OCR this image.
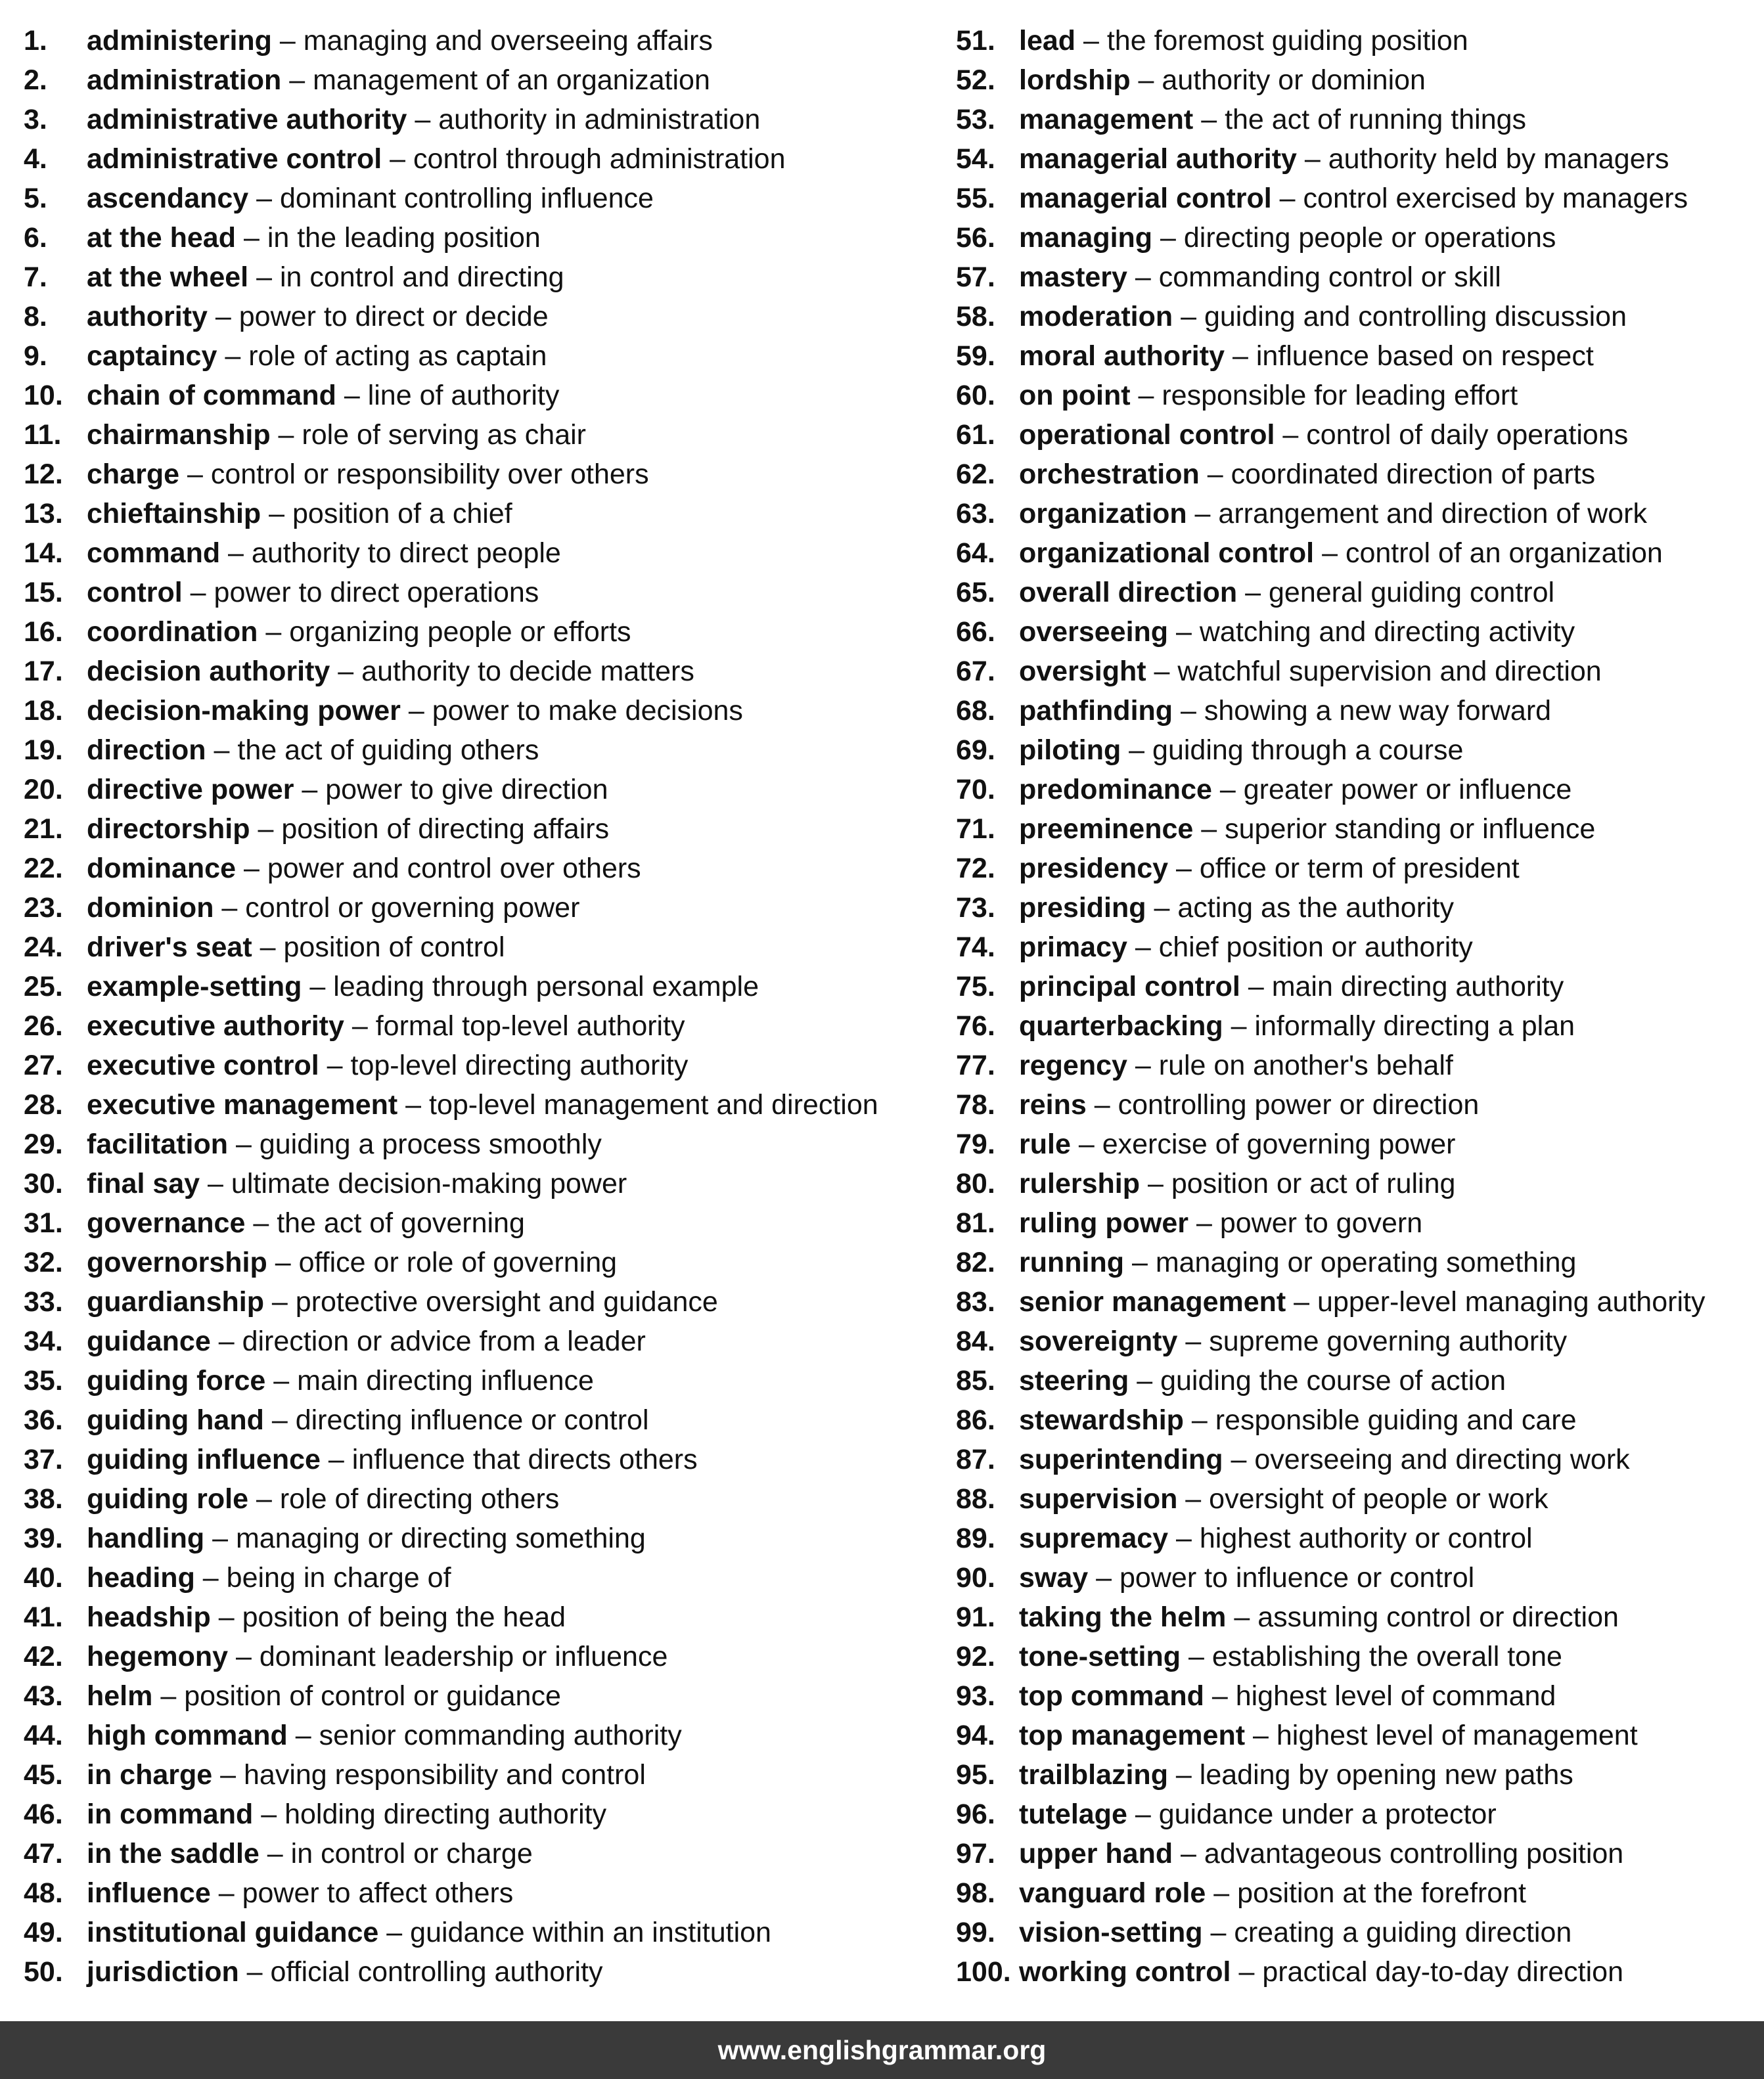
1. administering – managing and overseeing affairs
2. administration – management of an organization
3. administrative authority – authority in administration
4. administrative control – control through administration
5. ascendancy – dominant controlling influence
6. at the head – in the leading position
7. at the wheel – in control and directing
8. authority – power to direct or decide
9. captaincy – role of acting as captain
10. chain of command – line of authority
11. chairmanship – role of serving as chair
12. charge – control or responsibility over others
13. chieftainship – position of a chief
14. command – authority to direct people
15. control – power to direct operations
16. coordination – organizing people or efforts
17. decision authority – authority to decide matters
18. decision-making power – power to make decisions
19. direction – the act of guiding others
20. directive power – power to give direction
21. directorship – position of directing affairs
22. dominance – power and control over others
23. dominion – control or governing power
24. driver's seat – position of control
25. example-setting – leading through personal example
26. executive authority – formal top-level authority
27. executive control – top-level directing authority
28. executive management – top-level management and direction
29. facilitation – guiding a process smoothly
30. final say – ultimate decision-making power
31. governance – the act of governing
32. governorship – office or role of governing
33. guardianship – protective oversight and guidance
34. guidance – direction or advice from a leader
35. guiding force – main directing influence
36. guiding hand – directing influence or control
37. guiding influence – influence that directs others
38. guiding role – role of directing others
39. handling – managing or directing something
40. heading – being in charge of
41. headship – position of being the head
42. hegemony – dominant leadership or influence
43. helm – position of control or guidance
44. high command – senior commanding authority
45. in charge – having responsibility and control
46. in command – holding directing authority
47. in the saddle – in control or charge
48. influence – power to affect others
49. institutional guidance – guidance within an institution
50. jurisdiction – official controlling authority
51. lead – the foremost guiding position
52. lordship – authority or dominion
53. management – the act of running things
54. managerial authority – authority held by managers
55. managerial control – control exercised by managers
56. managing – directing people or operations
57. mastery – commanding control or skill
58. moderation – guiding and controlling discussion
59. moral authority – influence based on respect
60. on point – responsible for leading effort
61. operational control – control of daily operations
62. orchestration – coordinated direction of parts
63. organization – arrangement and direction of work
64. organizational control – control of an organization
65. overall direction – general guiding control
66. overseeing – watching and directing activity
67. oversight – watchful supervision and direction
68. pathfinding – showing a new way forward
69. piloting – guiding through a course
70. predominance – greater power or influence
71. preeminence – superior standing or influence
72. presidency – office or term of president
73. presiding – acting as the authority
74. primacy – chief position or authority
75. principal control – main directing authority
76. quarterbacking – informally directing a plan
77. regency – rule on another's behalf
78. reins – controlling power or direction
79. rule – exercise of governing power
80. rulership – position or act of ruling
81. ruling power – power to govern
82. running – managing or operating something
83. senior management – upper-level managing authority
84. sovereignty – supreme governing authority
85. steering – guiding the course of action
86. stewardship – responsible guiding and care
87. superintending – overseeing and directing work
88. supervision – oversight of people or work
89. supremacy – highest authority or control
90. sway – power to influence or control
91. taking the helm – assuming control or direction
92. tone-setting – establishing the overall tone
93. top command – highest level of command
94. top management – highest level of management
95. trailblazing – leading by opening new paths
96. tutelage – guidance under a protector
97. upper hand – advantageous controlling position
98. vanguard role – position at the forefront
99. vision-setting – creating a guiding direction
100. working control – practical day-to-day direction
www.englishgrammar.org
